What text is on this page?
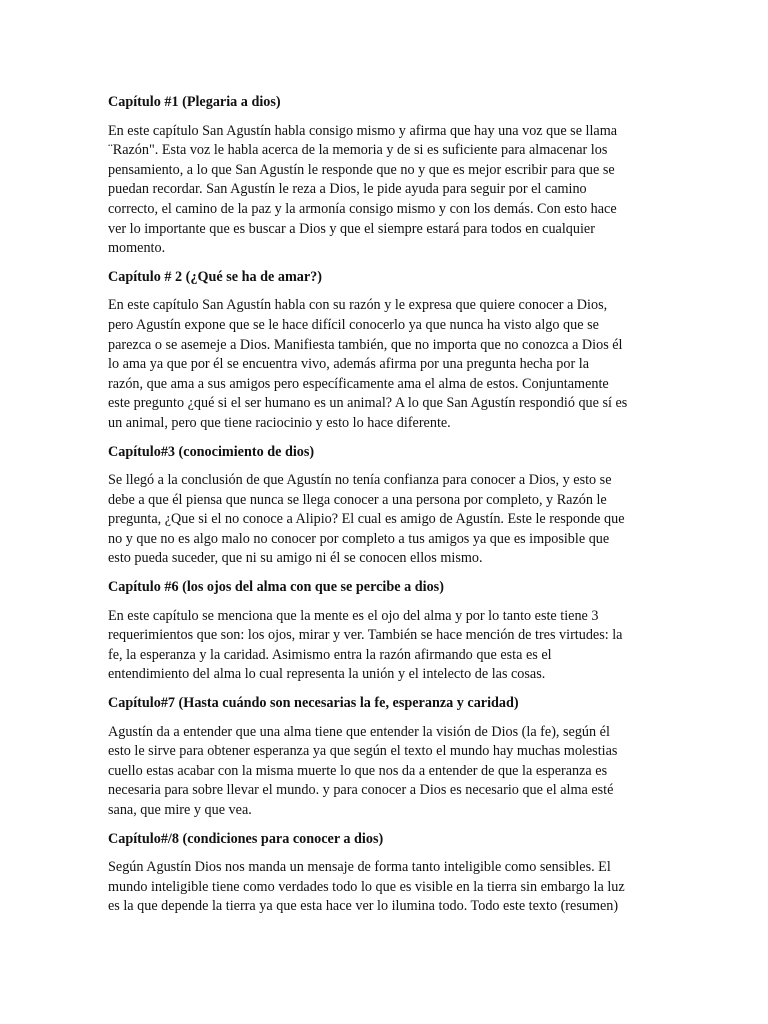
Capítulo #1 (Plegaria a dios)
En este capítulo San Agustín habla consigo mismo y afirma que hay una voz que se llama
¨Razón". Esta voz le habla acerca de la memoria y de si es suficiente para almacenar los
pensamiento, a lo que San Agustín le responde que no y que es mejor escribir para que se
puedan recordar. San Agustín le reza a Dios, le pide ayuda para seguir por el camino
correcto, el camino de la paz y la armonía consigo mismo y con los demás. Con esto hace
ver lo importante que es buscar a Dios y que el siempre estará para todos en cualquier
momento.
Capítulo # 2 (¿Qué se ha de amar?)
En este capítulo San Agustín habla con su razón y le expresa que quiere conocer a Dios,
pero Agustín expone que se le hace difícil conocerlo ya que nunca ha visto algo que se
parezca o se asemeje a Dios. Manifiesta también, que no importa que no conozca a Dios él
lo ama ya que por él se encuentra vivo, además afirma por una pregunta hecha por la
razón, que ama a sus amigos pero específicamente ama el alma de estos. Conjuntamente
este pregunto ¿qué si el ser humano es un animal? A lo que San Agustín respondió que sí es
un animal, pero que tiene raciocinio y esto lo hace diferente.
Capítulo#3 (conocimiento de dios)
Se llegó a la conclusión de que Agustín no tenía confianza para conocer a Dios, y esto se
debe a que él piensa que nunca se llega conocer a una persona por completo, y Razón le
pregunta, ¿Que si el no conoce a Alipio? El cual es amigo de Agustín. Este le responde que
no y que no es algo malo no conocer por completo a tus amigos ya que es imposible que
esto pueda suceder, que ni su amigo ni él se conocen ellos mismo.
Capítulo #6 (los ojos del alma con que se percibe a dios)
En este capítulo se menciona que la mente es el ojo del alma y por lo tanto este tiene 3
requerimientos que son: los ojos, mirar y ver. También se hace mención de tres virtudes: la
fe, la esperanza y la caridad. Asimismo entra la razón afirmando que esta es el
entendimiento del alma lo cual representa la unión y el intelecto de las cosas.
Capítulo#7 (Hasta cuándo son necesarias la fe, esperanza y caridad)
Agustín da a entender que una alma tiene que entender la visión de Dios (la fe), según él
esto le sirve para obtener esperanza ya que según el texto el mundo hay muchas molestias
cuello estas acabar con la misma muerte lo que nos da a entender de que la esperanza es
necesaria para sobre llevar el mundo. y para conocer a Dios es necesario que el alma esté
sana, que mire y que vea.
Capítulo#/8 (condiciones para conocer a dios)
Según Agustín Dios nos manda un mensaje de forma tanto inteligible como sensibles. El
mundo inteligible tiene como verdades todo lo que es visible en la tierra sin embargo la luz
es la que depende la tierra ya que esta hace ver lo ilumina todo. Todo este texto (resumen)
